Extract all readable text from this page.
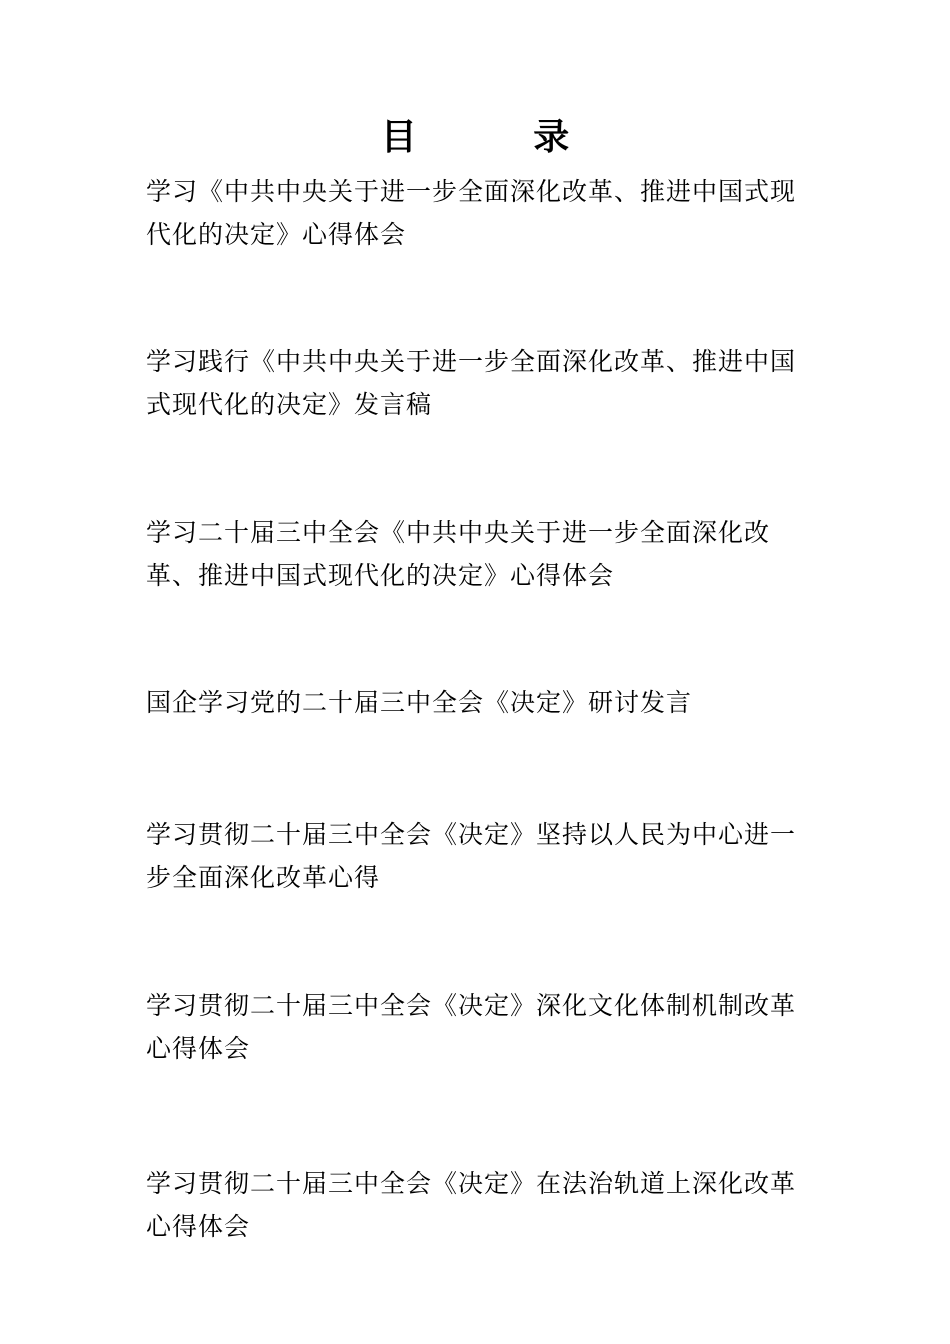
目 录
学习《中共中央关于进一步全面深化改革、推进中国式现代化的决定》心得体会
学习践行《中共中央关于进一步全面深化改革、推进中国式现代化的决定》发言稿
学习二十届三中全会《中共中央关于进一步全面深化改革、推进中国式现代化的决定》心得体会
国企学习党的二十届三中全会《决定》研讨发言
学习贯彻二十届三中全会《决定》坚持以人民为中心进一步全面深化改革心得
学习贯彻二十届三中全会《决定》深化文化体制机制改革心得体会
学习贯彻二十届三中全会《决定》在法治轨道上深化改革心得体会
